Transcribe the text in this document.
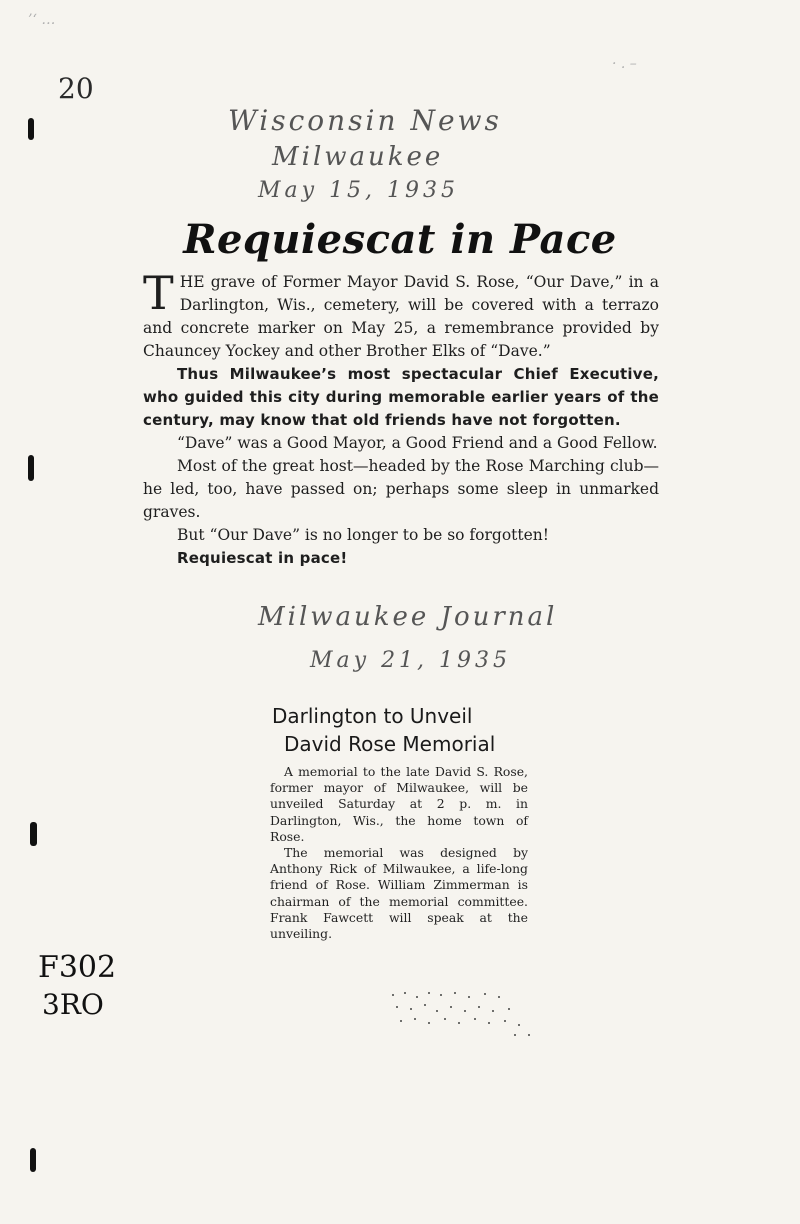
’‘ …
· . –
20
Wisconsin News
Milwaukee
May 15, 1935
Requiescat in Pace

THE grave of Former Mayor David S. Rose, “Our Dave,” in a Darlington, Wis., cemetery, will be covered with a terrazo and concrete marker on May 25, a remembrance provided by Chauncey Yockey and other Brother Elks of “Dave.”

Thus Milwaukee’s most spectacular Chief Executive, who guided this city during memorable earlier years of the century, may know that old friends have not forgotten.

“Dave” was a Good Mayor, a Good Friend and a Good Fellow.

Most of the great host—headed by the Rose Marching club—he led, too, have passed on; perhaps some sleep in unmarked graves.

But “Our Dave” is no longer to be so forgotten!

Requiescat in pace!

Milwaukee Journal
May 21, 1935
Darlington to Unveil
David Rose Memorial

A memorial to the late David S. Rose, former mayor of Milwaukee, will be unveiled Saturday at 2 p. m. in Darlington, Wis., the home town of Rose.

The memorial was designed by Anthony Rick of Milwaukee, a life-long friend of Rose. William Zimmerman is chairman of the memorial committee. Frank Fawcett will speak at the unveiling.

F302
3RO
